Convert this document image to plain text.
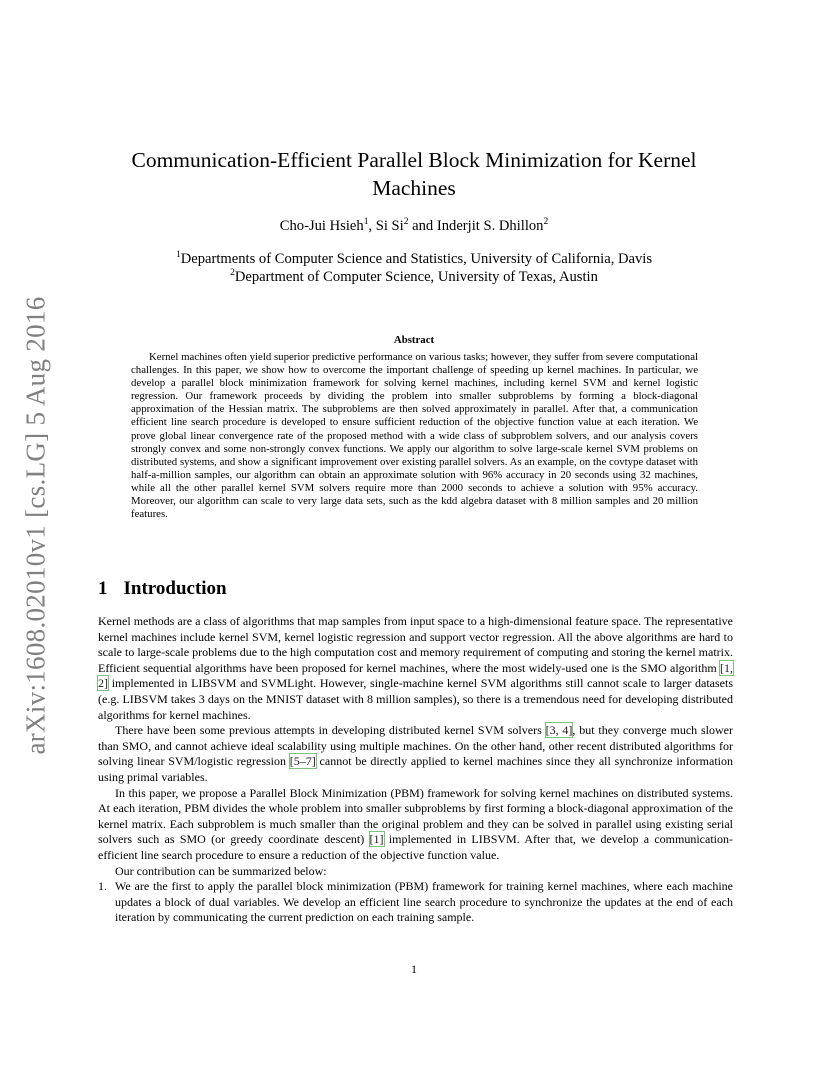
arXiv:1608.02010v1 [cs.LG] 5 Aug 2016
Communication-Efficient Parallel Block Minimization for Kernel Machines
Cho-Jui Hsieh$^1$, Si Si$^2$ and Inderjit S. Dhillon$^2$
$^1$Departments of Computer Science and Statistics, University of California, Davis
$^2$Department of Computer Science, University of Texas, Austin
Abstract
Kernel machines often yield superior predictive performance on various tasks; however, they suffer from severe computational challenges. In this paper, we show how to overcome the important challenge of speeding up kernel machines. In particular, we develop a parallel block minimization framework for solving kernel machines, including kernel SVM and kernel logistic regression. Our framework proceeds by dividing the problem into smaller subproblems by forming a block-diagonal approximation of the Hessian matrix. The subproblems are then solved approximately in parallel. After that, a communication efficient line search procedure is developed to ensure sufficient reduction of the objective function value at each iteration. We prove global linear convergence rate of the proposed method with a wide class of subproblem solvers, and our analysis covers strongly convex and some non-strongly convex functions. We apply our algorithm to solve large-scale kernel SVM problems on distributed systems, and show a significant improvement over existing parallel solvers. As an example, on the covtype dataset with half-a-million samples, our algorithm can obtain an approximate solution with 96% accuracy in 20 seconds using 32 machines, while all the other parallel kernel SVM solvers require more than 2000 seconds to achieve a solution with 95% accuracy. Moreover, our algorithm can scale to very large data sets, such as the kdd algebra dataset with 8 million samples and 20 million features.
1 Introduction

Kernel methods are a class of algorithms that map samples from input space to a high-dimensional feature space. The representative kernel machines include kernel SVM, kernel logistic regression and support vector regression. All the above algorithms are hard to scale to large-scale problems due to the high computation cost and memory requirement of computing and storing the kernel matrix. Efficient sequential algorithms have been proposed for kernel machines, where the most widely-used one is the SMO algorithm [1, 2] implemented in LIBSVM and SVMLight. However, single-machine kernel SVM algorithms still cannot scale to larger datasets (e.g. LIBSVM takes 3 days on the MNIST dataset with 8 million samples), so there is a tremendous need for developing distributed algorithms for kernel machines.

There have been some previous attempts in developing distributed kernel SVM solvers [3, 4], but they converge much slower than SMO, and cannot achieve ideal scalability using multiple machines. On the other hand, other recent distributed algorithms for solving linear SVM/logistic regression [5–7] cannot be directly applied to kernel machines since they all synchronize information using primal variables.

In this paper, we propose a Parallel Block Minimization (PBM) framework for solving kernel machines on distributed systems. At each iteration, PBM divides the whole problem into smaller subproblems by first forming a block-diagonal approximation of the kernel matrix. Each subproblem is much smaller than the original problem and they can be solved in parallel using existing serial solvers such as SMO (or greedy coordinate descent) [1] implemented in LIBSVM. After that, we develop a communication-efficient line search procedure to ensure a reduction of the objective function value.

Our contribution can be summarized below:

1. We are the first to apply the parallel block minimization (PBM) framework for training kernel machines, where each machine updates a block of dual variables. We develop an efficient line search procedure to synchronize the updates at the end of each iteration by communicating the current prediction on each training sample.
1
